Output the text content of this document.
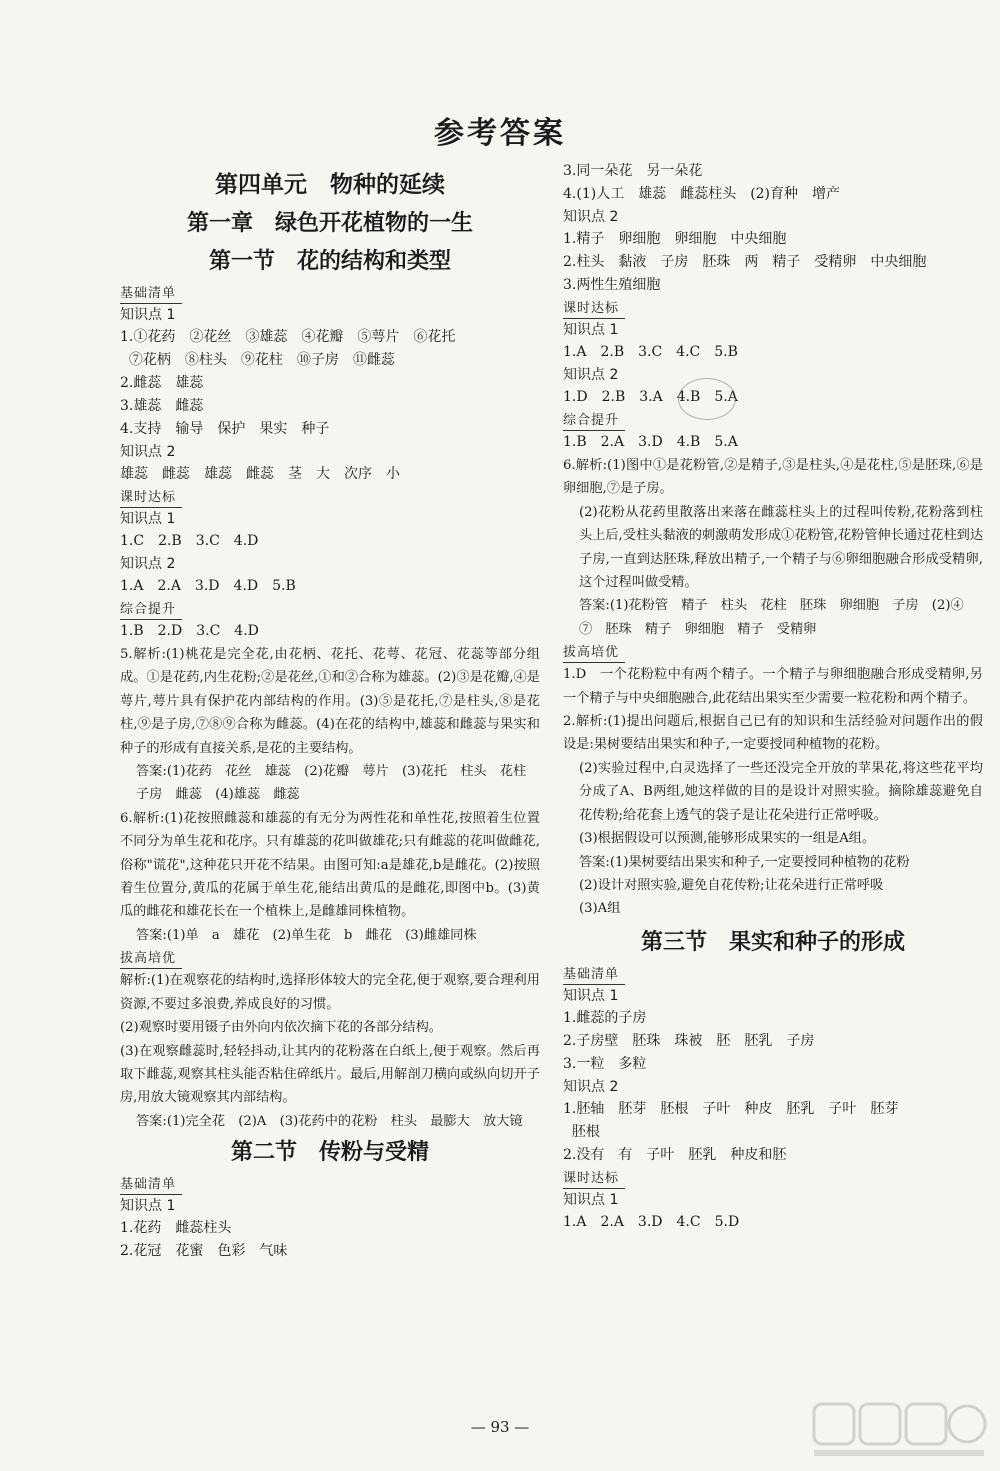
参考答案
第四单元　物种的延续
第一章　绿色开花植物的一生
第一节　花的结构和类型
基础清单
知识点 1
1.①花药　②花丝　③雄蕊　④花瓣　⑤萼片　⑥花托
⑦花柄　⑧柱头　⑨花柱　⑩子房　⑪雌蕊
2.雌蕊　雄蕊
3.雄蕊　雌蕊
4.支持　输导　保护　果实　种子
知识点 2
雄蕊　雌蕊　雄蕊　雌蕊　茎　大　次序　小
课时达标
知识点 1
1.C　2.B　3.C　4.D
知识点 2
1.A　2.A　3.D　4.D　5.B
综合提升
1.B　2.D　3.C　4.D
5.解析:(1)桃花是完全花,由花柄、花托、花萼、花冠、花蕊等部分组成。①是花药,内生花粉;②是花丝,①和②合称为雄蕊。(2)③是花瓣,④是萼片,萼片具有保护花内部结构的作用。(3)⑤是花托,⑦是柱头,⑧是花柱,⑨是子房,⑦⑧⑨合称为雌蕊。(4)在花的结构中,雄蕊和雌蕊与果实和种子的形成有直接关系,是花的主要结构。
答案:(1)花药　花丝　雄蕊　(2)花瓣　萼片　(3)花托　柱头　花柱　子房　雌蕊　(4)雄蕊　雌蕊
6.解析:(1)花按照雌蕊和雄蕊的有无分为两性花和单性花,按照着生位置不同分为单生花和花序。只有雄蕊的花叫做雄花;只有雌蕊的花叫做雌花,俗称"谎花",这种花只开花不结果。由图可知:a是雄花,b是雌花。(2)按照着生位置分,黄瓜的花属于单生花,能结出黄瓜的是雌花,即图中b。(3)黄瓜的雌花和雄花长在一个植株上,是雌雄同株植物。
答案:(1)单　a　雄花　(2)单生花　b　雌花　(3)雌雄同株
拔高培优
解析:(1)在观察花的结构时,选择形体较大的完全花,便于观察,要合理利用资源,不要过多浪费,养成良好的习惯。
(2)观察时要用镊子由外向内依次摘下花的各部分结构。
(3)在观察雌蕊时,轻轻抖动,让其内的花粉落在白纸上,便于观察。然后再取下雌蕊,观察其柱头能否粘住碎纸片。最后,用解剖刀横向或纵向切开子房,用放大镜观察其内部结构。
答案:(1)完全花　(2)A　(3)花药中的花粉　柱头　最膨大　放大镜
第二节　传粉与受精
基础清单
知识点 1
1.花药　雌蕊柱头
2.花冠　花蜜　色彩　气味
3.同一朵花　另一朵花
4.(1)人工　雄蕊　雌蕊柱头　(2)育种　增产
知识点 2
1.精子　卵细胞　卵细胞　中央细胞
2.柱头　黏液　子房　胚珠　两　精子　受精卵　中央细胞
3.两性生殖细胞
课时达标
知识点 1
1.A　2.B　3.C　4.C　5.B
知识点 2
1.D　2.B　3.A　4.B　5.A
综合提升
1.B　2.A　3.D　4.B　5.A
6.解析:(1)图中①是花粉管,②是精子,③是柱头,④是花柱,⑤是胚珠,⑥是卵细胞,⑦是子房。
(2)花粉从花药里散落出来落在雌蕊柱头上的过程叫传粉,花粉落到柱头上后,受柱头黏液的刺激萌发形成①花粉管,花粉管伸长通过花柱到达子房,一直到达胚珠,释放出精子,一个精子与⑥卵细胞融合形成受精卵,这个过程叫做受精。
答案:(1)花粉管　精子　柱头　花柱　胚珠　卵细胞　子房　(2)④　⑦　胚珠　精子　卵细胞　精子　受精卵
拔高培优
1.D　一个花粉粒中有两个精子。一个精子与卵细胞融合形成受精卵,另一个精子与中央细胞融合,此花结出果实至少需要一粒花粉和两个精子。
2.解析:(1)提出问题后,根据自己已有的知识和生活经验对问题作出的假设是:果树要结出果实和种子,一定要授同种植物的花粉。
(2)实验过程中,白灵选择了一些还没完全开放的苹果花,将这些花平均分成了A、B两组,她这样做的目的是设计对照实验。摘除雄蕊避免自花传粉;给花套上透气的袋子是让花朵进行正常呼吸。
(3)根据假设可以预测,能够形成果实的一组是A组。
答案:(1)果树要结出果实和种子,一定要授同种植物的花粉
(2)设计对照实验,避免自花传粉;让花朵进行正常呼吸
(3)A组
第三节　果实和种子的形成
基础清单
知识点 1
1.雌蕊的子房
2.子房壁　胚珠　珠被　胚　胚乳　子房
3.一粒　多粒
知识点 2
1.胚轴　胚芽　胚根　子叶　种皮　胚乳　子叶　胚芽
胚根
2.没有　有　子叶　胚乳　种皮和胚
课时达标
知识点 1
1.A　2.A　3.D　4.C　5.D
— 93 —
